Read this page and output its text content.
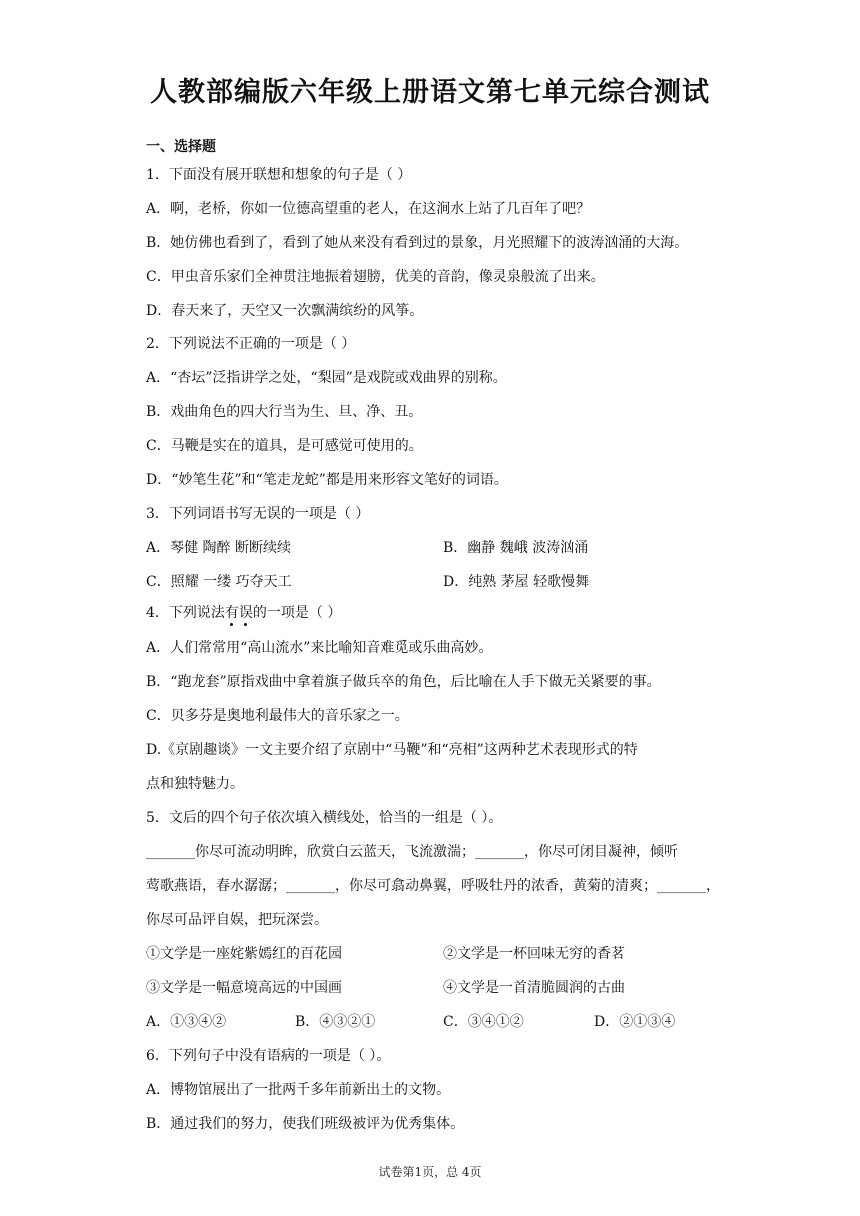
人教部编版六年级上册语文第七单元综合测试
一、选择题
1．下面没有展开联想和想象的句子是（ ）
A．啊，老桥，你如一位德高望重的老人，在这涧水上站了几百年了吧？
B．她仿佛也看到了，看到了她从来没有看到过的景象，月光照耀下的波涛汹涌的大海。
C．甲虫音乐家们全神贯注地振着翅膀，优美的音韵，像灵泉般流了出来。
D．春天来了，天空又一次飘满缤纷的风筝。
2．下列说法不正确的一项是（ ）
A．“杏坛”泛指讲学之处，“梨园”是戏院或戏曲界的别称。
B．戏曲角色的四大行当为生、旦、净、丑。
C．马鞭是实在的道具，是可感觉可使用的。
D．“妙笔生花”和“笔走龙蛇”都是用来形容文笔好的词语。
3．下列词语书写无误的一项是（ ）
A．琴健 陶醉 断断续续	B．幽静 魏峨 波涛汹涌
C．照耀 一缕 巧夺天工	D．纯熟 茅屋 轻歌慢舞
4．下列说法有误的一项是（ ）
A．人们常常用“高山流水”来比喻知音难觅或乐曲高妙。
B．“跑龙套”原指戏曲中拿着旗子做兵卒的角色，后比喻在人手下做无关紧要的事。
C．贝多芬是奥地利最伟大的音乐家之一。
D.《京剧趣谈》一文主要介绍了京剧中“马鞭”和“亮相”这两种艺术表现形式的特
点和独特魅力。
5．文后的四个句子依次填入横线处，恰当的一组是（ ）。
_______你尽可流动明眸，欣赏白云蓝天，飞流激湍；_______，你尽可闭目凝神，倾听
莺歌燕语，春水潺潺；_______，你尽可翕动鼻翼，呼吸牡丹的浓香，黄菊的清爽；_______，
你尽可品评自娱，把玩深尝。
①文学是一座姹紫嫣红的百花园	②文学是一杯回味无穷的香茗
③文学是一幅意境高远的中国画	④文学是一首清脆圆润的古曲
A．①③④②	B．④③②①	C．③④①②	D．②①③④
6．下列句子中没有语病的一项是（ ）。
A．博物馆展出了一批两千多年前新出土的文物。
B．通过我们的努力，使我们班级被评为优秀集体。
试卷第1页，总 4页
